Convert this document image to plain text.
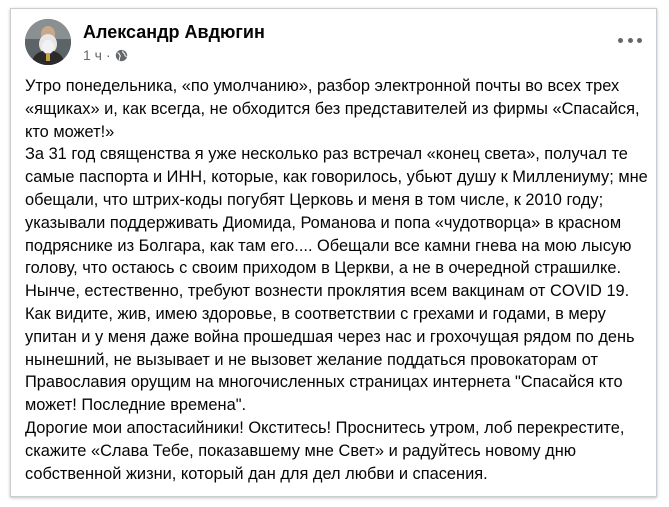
Александр Авдюгин
1 ч ·

Утро понедельника, «по умолчанию», разбор электронной почты во всех трех «ящиках» и, как всегда, не обходится без представителей из фирмы «Спасайся, кто может!»

За 31 год священства я уже несколько раз встречал «конец света», получал те самые паспорта и ИНН, которые, как говорилось, убьют душу к Миллениуму; мне обещали, что штрих-коды погубят Церковь и меня в том числе, к 2010 году; указывали поддерживать Диомида, Романова и попа «чудотворца» в красном подряснике из Болгара, как там его.... Обещали все камни гнева на мою лысую голову, что остаюсь с своим приходом в Церкви, а не в очередной страшилке.

Нынче, естественно, требуют вознести проклятия всем вакцинам от COVID 19.

Как видите, жив, имею здоровье, в соответствии с грехами и годами, в меру упитан и у меня даже война прошедшая через нас и грохочущая рядом по день нынешний, не вызывает и не вызовет желание поддаться провокаторам от Православия орущим на многочисленных страницах интернета "Спасайся кто может! Последние времена".

Дорогие мои апостасийники! Окститесь! Проснитесь утром, лоб перекрестите, скажите «Слава Тебе, показавшему мне Свет» и радуйтесь новому дню собственной жизни, который дан для дел любви и спасения.
